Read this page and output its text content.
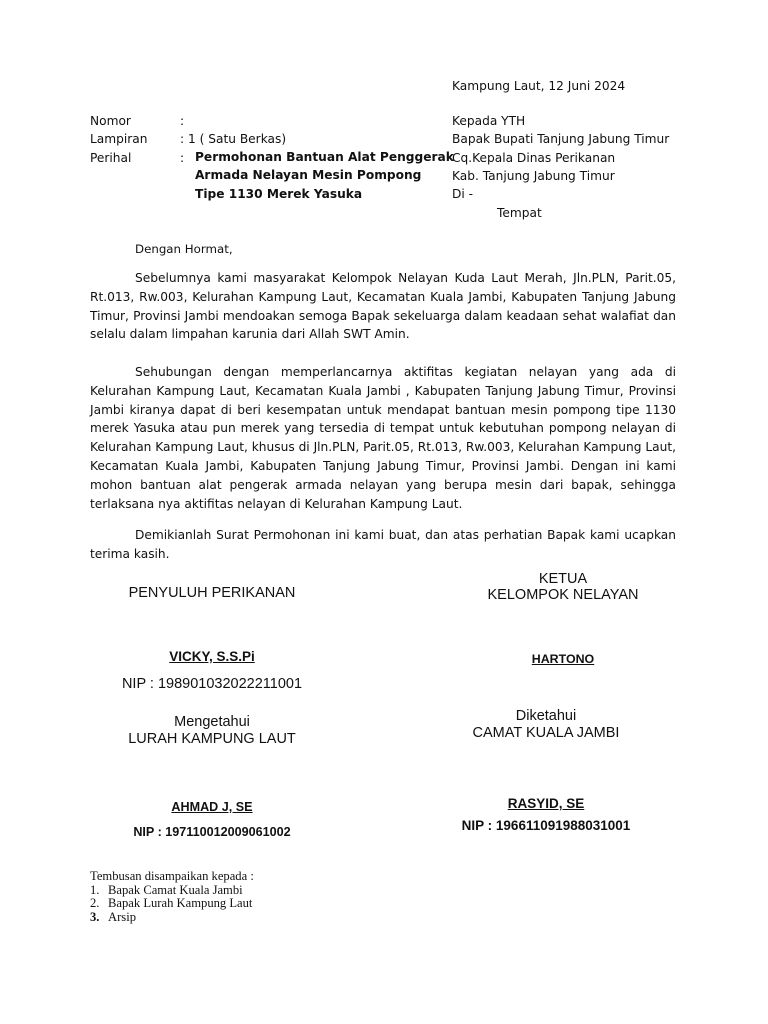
Kampung Laut, 12 Juni 2024
Nomor	:
Lampiran	: 1 ( Satu Berkas)
Perihal	: Permohonan Bantuan Alat Penggerak
Armada Nelayan Mesin Pompong
Tipe 1130 Merek Yasuka
Kepada YTH
Bapak Bupati Tanjung Jabung Timur
Cq.Kepala Dinas Perikanan
Kab. Tanjung Jabung Timur
Di -
Tempat
Dengan Hormat,
Sebelumnya kami masyarakat Kelompok Nelayan Kuda Laut Merah, Jln.PLN, Parit.05, Rt.013, Rw.003, Kelurahan Kampung Laut, Kecamatan Kuala Jambi, Kabupaten Tanjung Jabung Timur, Provinsi Jambi mendoakan semoga Bapak sekeluarga dalam keadaan sehat walafiat dan selalu dalam limpahan karunia dari Allah SWT Amin.
Sehubungan dengan memperlancarnya aktifitas kegiatan nelayan yang ada di Kelurahan Kampung Laut, Kecamatan Kuala Jambi , Kabupaten Tanjung Jabung Timur, Provinsi Jambi kiranya dapat di beri kesempatan untuk mendapat bantuan mesin pompong tipe 1130 merek Yasuka atau pun merek yang tersedia di tempat untuk kebutuhan pompong nelayan di Kelurahan Kampung Laut, khusus di Jln.PLN, Parit.05, Rt.013, Rw.003, Kelurahan Kampung Laut, Kecamatan Kuala Jambi, Kabupaten Tanjung Jabung Timur, Provinsi Jambi. Dengan ini kami mohon bantuan alat pengerak armada nelayan yang berupa mesin dari bapak, sehingga terlaksana nya aktifitas nelayan di Kelurahan Kampung Laut.
Demikianlah Surat Permohonan ini kami buat, dan atas perhatian Bapak kami ucapkan terima kasih.
PENYULUH PERIKANAN
VICKY, S.S.Pi
NIP : 198901032022211001
KETUA
KELOMPOK NELAYAN
HARTONO
Mengetahui
LURAH KAMPUNG LAUT
AHMAD J, SE
NIP : 197110012009061002
Diketahui
CAMAT KUALA JAMBI
RASYID, SE
NIP : 196611091988031001
Tembusan disampaikan kepada :
1. Bapak Camat Kuala Jambi
2. Bapak Lurah Kampung Laut
3. Arsip
